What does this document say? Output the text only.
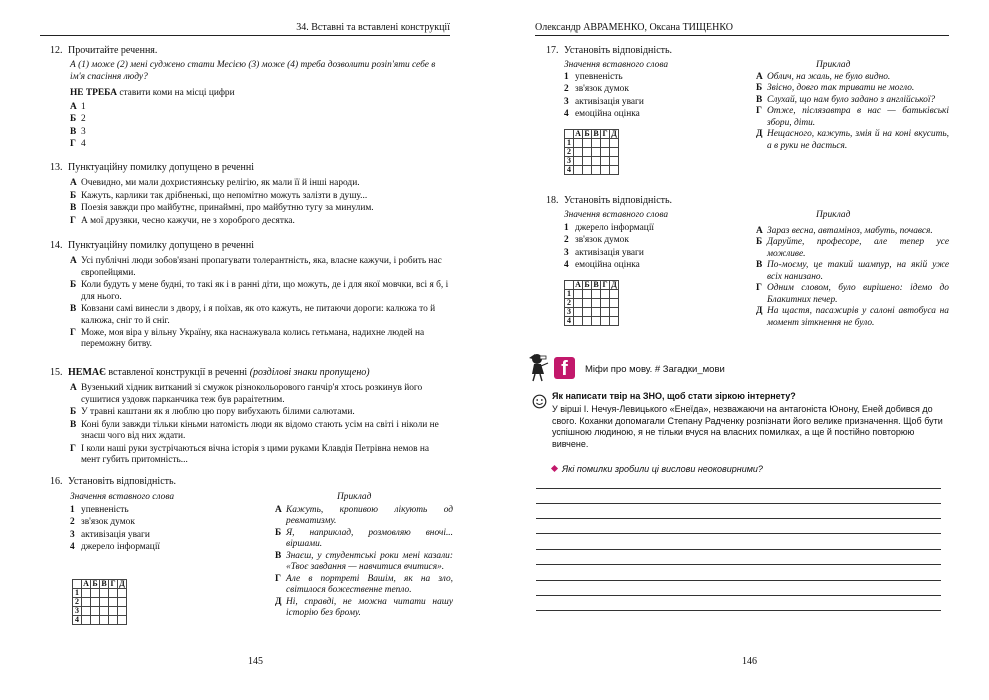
34. Вставні та вставлені конструкції
12. Прочитайте речення.
А (1) може (2) мені суджено стати Месією (3) може (4) треба дозволити розіп'яти себе в ім'я спасіння люду?
НЕ ТРЕБА ставити коми на місці цифри
А 1
Б 2
В 3
Г 4
13. Пунктуаційну помилку допущено в реченні
А Очевидно, ми мали дохристиянську релігію, як мали її й інші народи.
Б Кажуть, карлики так дрібненькі, що непомітно можуть залізти в душу...
В Поезія завжди про майбутнє, принаймні, про майбутню тугу за минулим.
Г А мої друзяки, чесно кажучи, не з хороброго десятка.
14. Пунктуаційну помилку допущено в реченні
А Усі публічні люди зобов'язані пропагувати толерантність, яка, власне кажучи, і робить нас європейцями.
Б Коли будуть у мене будні, то такі як і в ранні діти, що можуть, де і для якої мовчки, всі я б, і для нього.
В Ковзани самі винесли з двору, і я поїхав, як ото кажуть, не питаючи дороги: калюжа то й калюжа, сніг то й сніг.
Г Може, моя віра у вільну Україну, яка наснажувала колись гетьмана, надихне людей на переможну битву.
15. НЕМАЄ вставленої конструкції в реченні (розділові знаки пропущено)
А Вузенький хідник витканий зі смужок різнокольорового ганчір'я хтось розкинув його сушитися уздовж парканчика теж був рараітетним.
Б У травні каштани як я люблю цю пору вибухають білими салютами.
В Коні були завжди тільки кіньми натомість люди як відомо стають усім на світі і ніколи не знаєш чого від них ждати.
Г І коли наші руки зустрічаються вічна історія з цими руками Клавдія Петрівна немов на мент губить притомність...
16. Установіть відповідність.
Значення вставного слова	Приклад
1 упевненість
2 зв'язок думок
3 активізація уваги
4 джерело інформації
А Кажуть, кропивою лікують од ревматизму.
Б Я, наприклад, розмовляю вночі... віршами.
В Знаєш, у студентські роки мені казали: «Твоє завдання — навчитися вчитися».
Г Але в портреті Вашім, як на зло, світилося божественне тепло.
Д Ні, справді, не можна читати нашу історію без брому.
	А	Б	В	Г	Д
1					
2					
3					
4					
145
Олександр АВРАМЕНКО, Оксана ТИЩЕНКО
17. Установіть відповідність.
Значення вставного слова	Приклад
1 упевненість
2 зв'язок думок
3 активізація уваги
4 емоційна оцінка
А Облич, на жаль, не було видно.
Б Звісно, довго так тривати не могло.
В Слухай, що нам було задано з англійської?
Г Отже, післязавтра в нас — батьківські збори, діти.
Д Нещасного, кажуть, змія й на коні вкусить, а в руки не дасться.
	А	Б	В	Г	Д
1					
2					
3					
4					
18. Установіть відповідність.
Значення вставного слова	Приклад
1 джерело інформації
2 зв'язок думок
3 активізація уваги
4 емоційна оцінка
А Зараз весна, автаміноз, мабуть, почався.
Б Даруйте, професоре, але тепер усе можливе.
В По-моєму, це такий шампур, на якій уже всіх нанизано.
Г Одним словом, було вирішено: ідемо до Блакитних печер.
Д На щастя, пасажирів у салоні автобуса на момент зіткнення не було.
	А	Б	В	Г	Д
1					
2					
3					
4					
f	Міфи про мову. # Загадки_мови
Як написати твір на ЗНО, щоб стати зіркою інтернету?
У вірші І. Нечуя-Левицького «Енеїда», незважаючи на антагоніста Юнону, Еней добився до свого. Коханки допомагали Степану Радченку розпізнати його велике призначення. Щоб бути успішною людиною, я не тільки вчуся на власних помилках, а ще й постійно повторюю вивчене.
Які помилки зробили ці вислови неоковирними?
146
